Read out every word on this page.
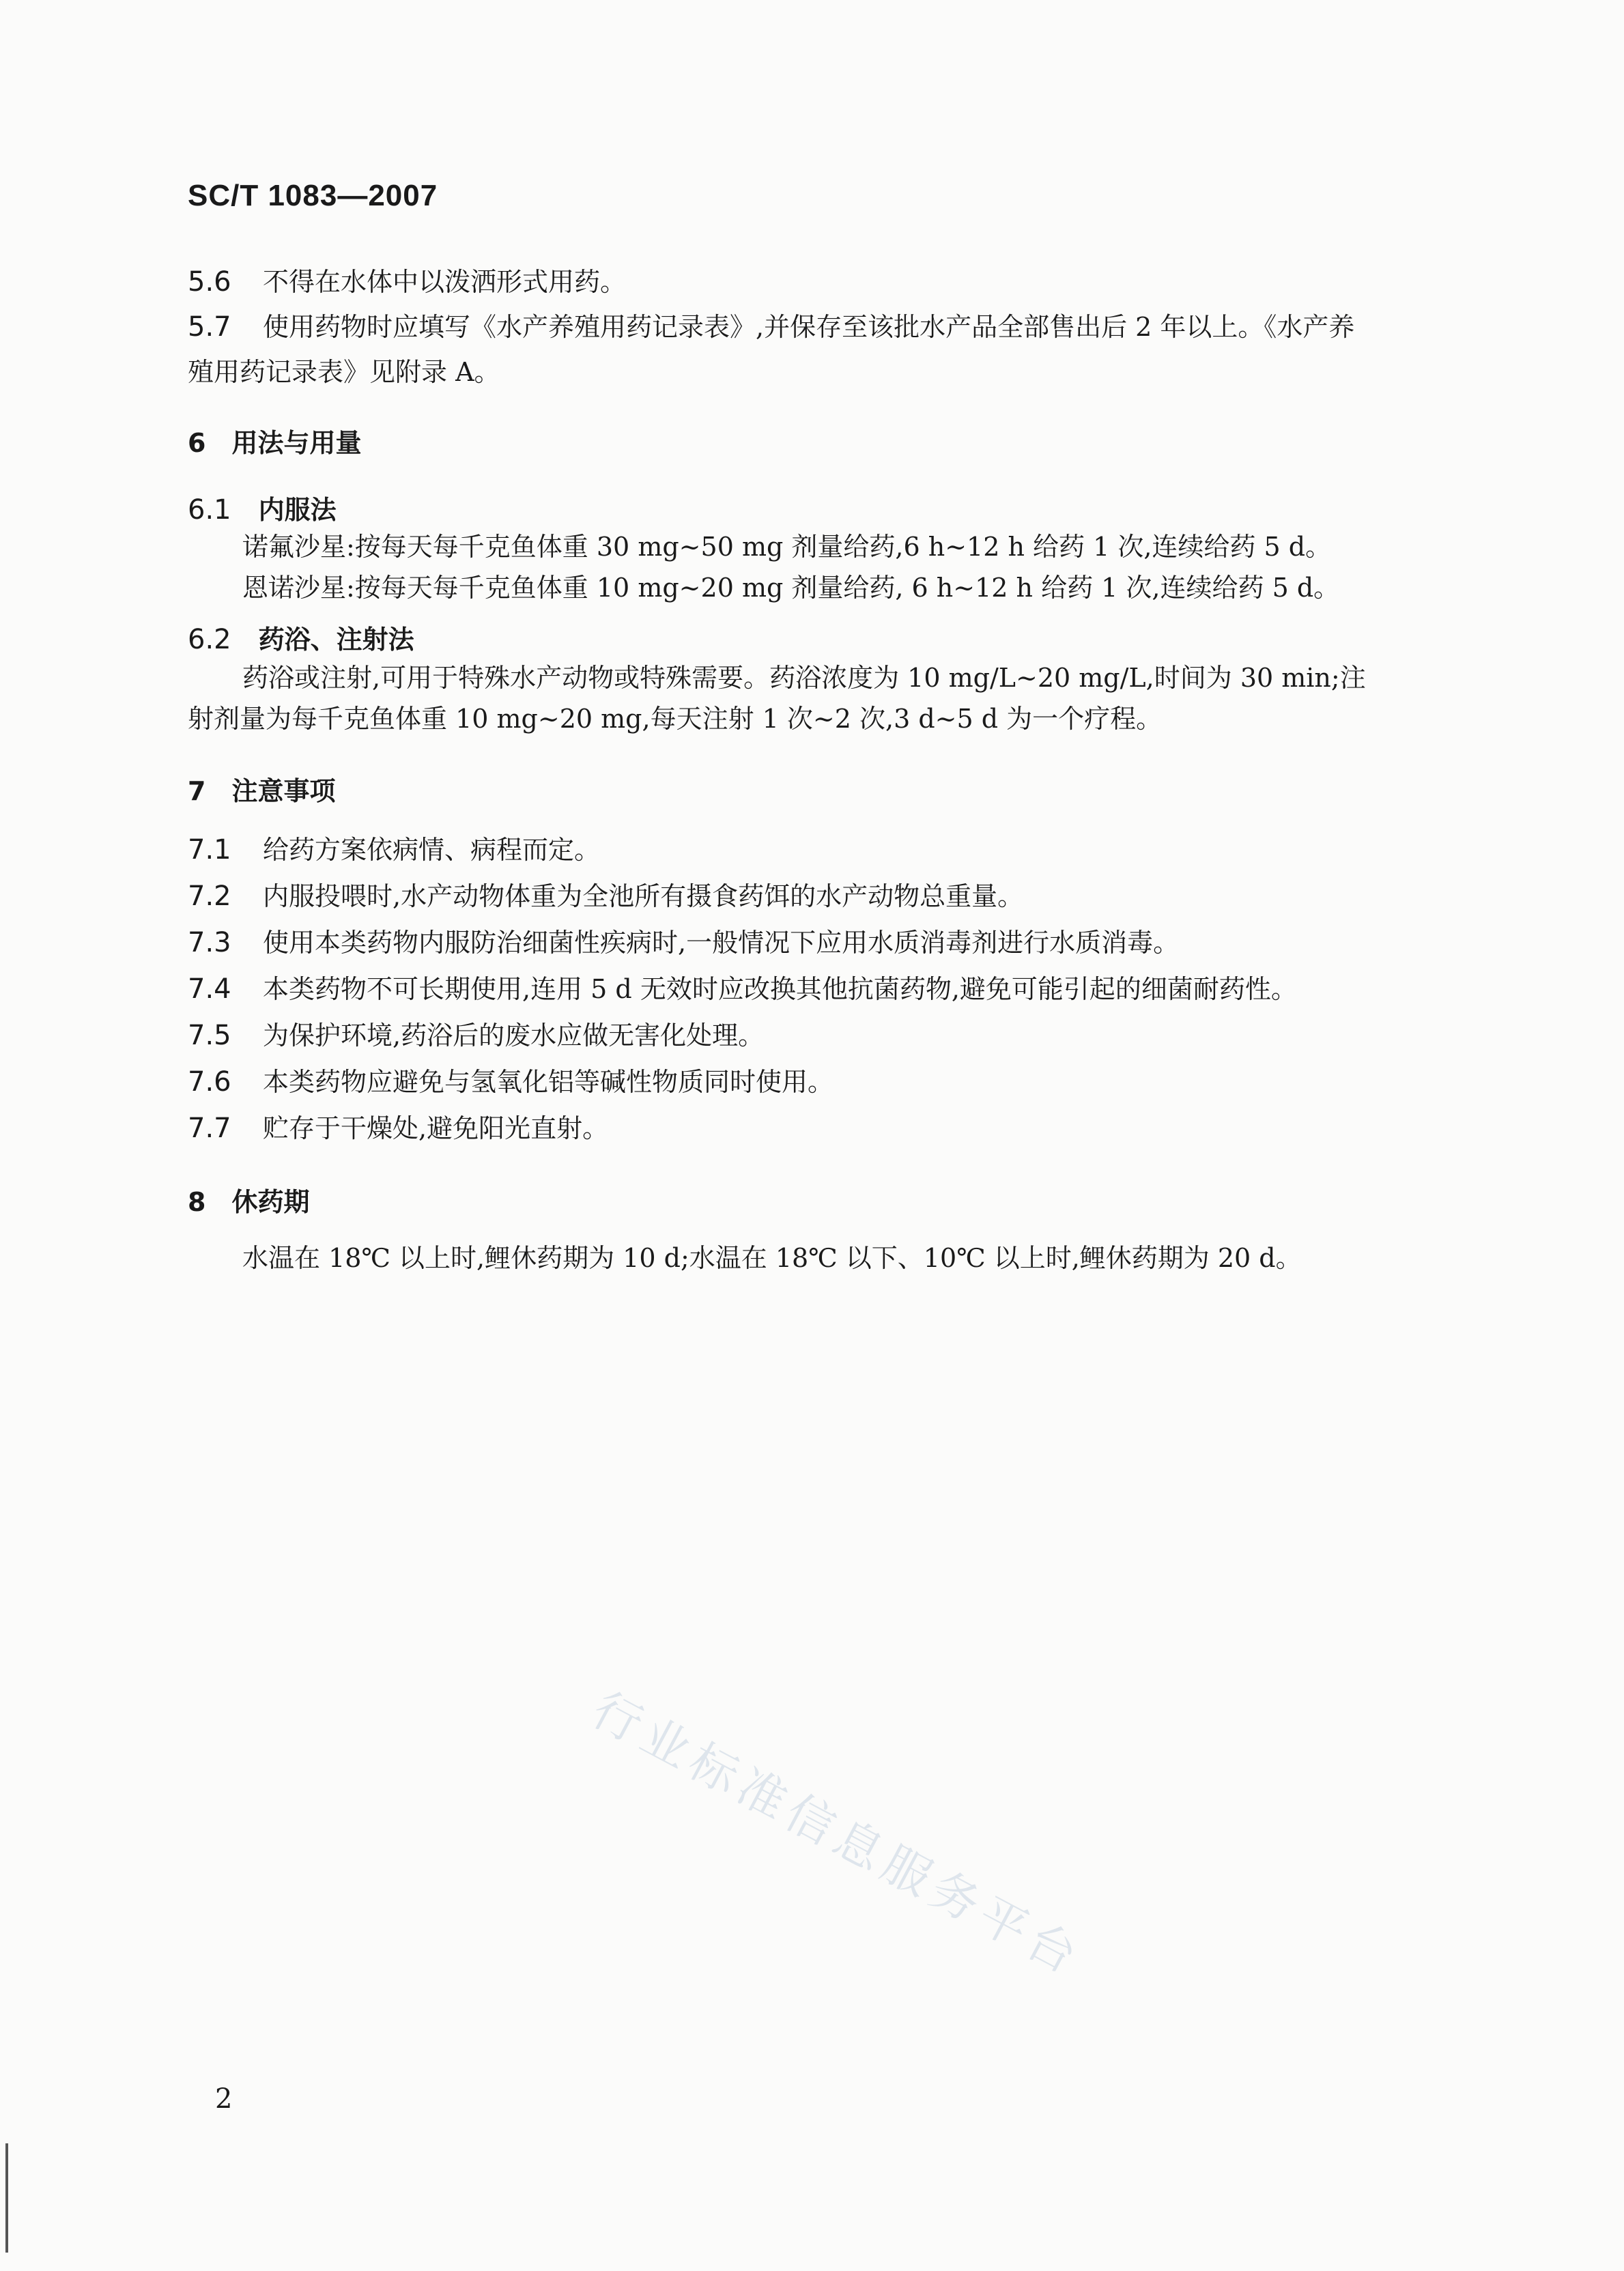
SC/T 1083—2007
5.6 不得在水体中以泼洒形式用药。
5.7 使用药物时应填写《水产养殖用药记录表》,并保存至该批水产品全部售出后 2 年以上。《水产养
殖用药记录表》见附录 A。
6 用法与用量
6.1 内服法
诺氟沙星:按每天每千克鱼体重 30 mg~50 mg 剂量给药,6 h~12 h 给药 1 次,连续给药 5 d。
恩诺沙星:按每天每千克鱼体重 10 mg~20 mg 剂量给药, 6 h~12 h 给药 1 次,连续给药 5 d。
6.2 药浴、注射法
药浴或注射,可用于特殊水产动物或特殊需要。药浴浓度为 10 mg/L~20 mg/L,时间为 30 min;注
射剂量为每千克鱼体重 10 mg~20 mg,每天注射 1 次~2 次,3 d~5 d 为一个疗程。
7 注意事项
7.1 给药方案依病情、病程而定。
7.2 内服投喂时,水产动物体重为全池所有摄食药饵的水产动物总重量。
7.3 使用本类药物内服防治细菌性疾病时,一般情况下应用水质消毒剂进行水质消毒。
7.4 本类药物不可长期使用,连用 5 d 无效时应改换其他抗菌药物,避免可能引起的细菌耐药性。
7.5 为保护环境,药浴后的废水应做无害化处理。
7.6 本类药物应避免与氢氧化铝等碱性物质同时使用。
7.7 贮存于干燥处,避免阳光直射。
8 休药期
水温在 18℃ 以上时,鲤休药期为 10 d;水温在 18℃ 以下、10℃ 以上时,鲤休药期为 20 d。
行业标准信息服务平台
2
